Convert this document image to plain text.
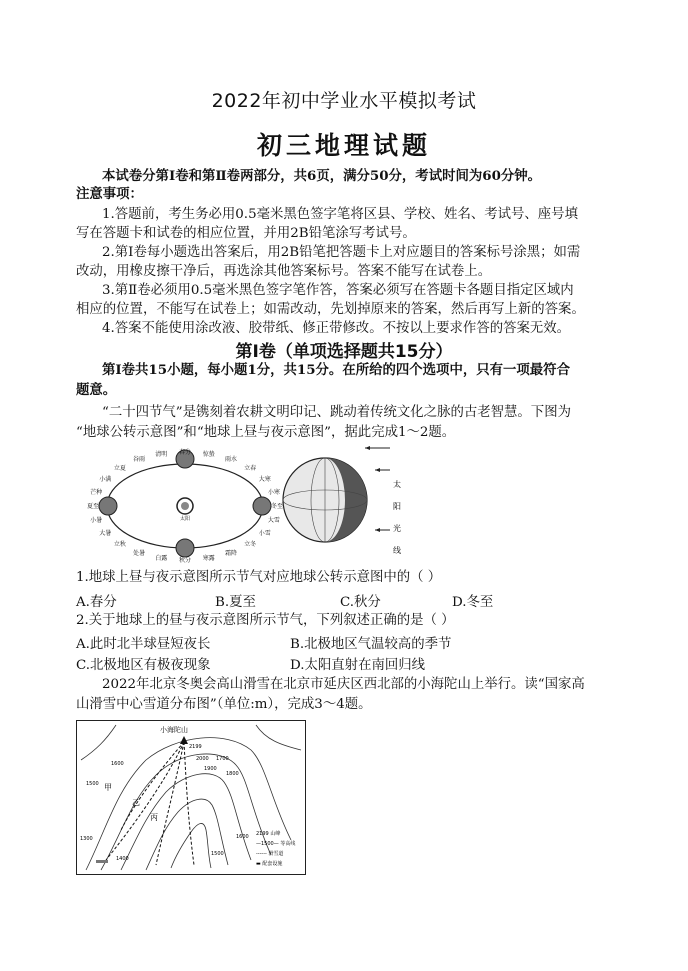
2022年初中学业水平模拟考试
初三地理试题
本试卷分第Ⅰ卷和第Ⅱ卷两部分，共6页，满分50分，考试时间为60分钟。
注意事项：
1.答题前，考生务必用0.5毫米黑色签字笔将区县、学校、姓名、考试号、座号填
写在答题卡和试卷的相应位置，并用2B铅笔涂写考试号。
2.第Ⅰ卷每小题选出答案后，用2B铅笔把答题卡上对应题目的答案标号涂黑；如需
改动，用橡皮擦干净后，再选涂其他答案标号。答案不能写在试卷上。
3.第Ⅱ卷必须用0.5毫米黑色签字笔作答，答案必须写在答题卡各题目指定区域内
相应的位置，不能写在试卷上；如需改动，先划掉原来的答案，然后再写上新的答案。
4.答案不能使用涂改液、胶带纸、修正带修改。不按以上要求作答的答案无效。
第Ⅰ卷（单项选择题共15分）
第Ⅰ卷共15小题，每小题1分，共15分。在所给的四个选项中，只有一项最符合
题意。
“二十四节气”是镌刻着农耕文明印记、跳动着传统文化之脉的古老智慧。下图为
“地球公转示意图”和“地球上昼与夜示意图”，据此完成1～2题。
春分
清明
谷雨
立夏
小满
芒种
夏至
小暑
大暑
立秋
处暑
白露 秋分 寒露
霜降
立冬
小雪
大雪
冬至
小寒
大寒
立春
雨水
惊蛰
太阳
太
阳
光
线
1.地球上昼与夜示意图所示节气对应地球公转示意图中的（ ）
A.春分	B.夏至	C.秋分	D.冬至
2.关于地球上的昼与夜示意图所示节气，下列叙述正确的是（ ）
A.此时北半球昼短夜长	B.北极地区气温较高的季节
C.北极地区有极夜现象	D.太阳直射在南回归线
2022年北京冬奥会高山滑雪在北京市延庆区西北部的小海陀山上举行。读“国家高
山滑雪中心雪道分布图”（单位:m），完成3～4题。
小海陀山
2199
甲
乙
丙
1300
1500
1600
1700
1800
1900
2000
1400
1600
1500
2199 山峰
—1500— 等高线
------ 滑雪道
▬ 配套设施
